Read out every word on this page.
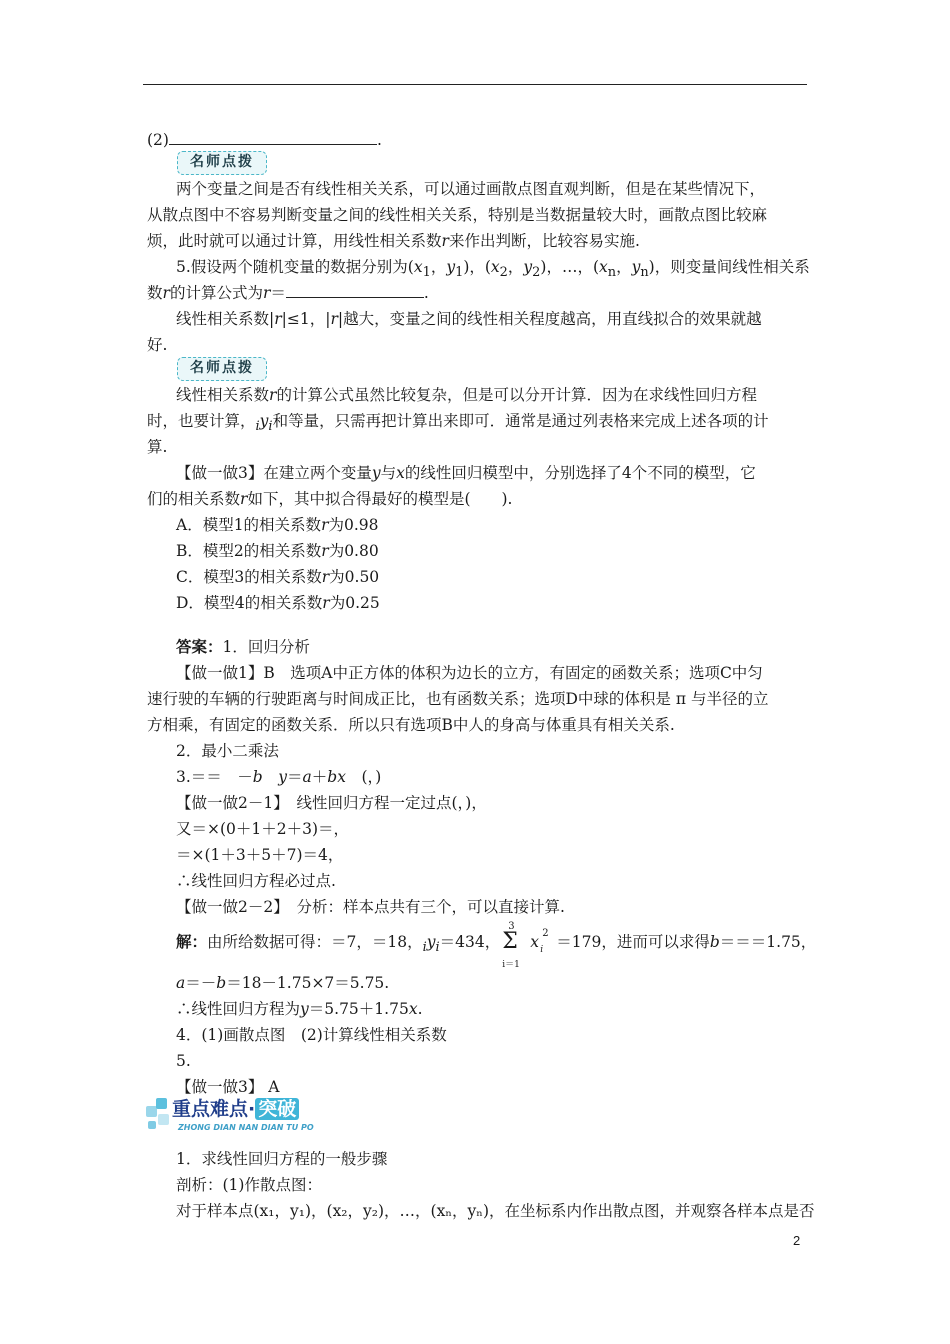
(2)	.
名师点拨
两个变量之间是否有线性相关关系，可以通过画散点图直观判断，但是在某些情况下，
从散点图中不容易判断变量之间的线性相关关系，特别是当数据量较大时，画散点图比较麻
烦，此时就可以通过计算，用线性相关系数r来作出判断，比较容易实施.
5.假设两个随机变量的数据分别为($x_1$，$y_1$)，($x_2$，$y_2$)，…，($x_n$，$y_n$)，则变量间线性相关系
数r的计算公式为r＝	.
线性相关系数|r|≤1，|r|越大，变量之间的线性相关程度越高，用直线拟合的效果就越
好.
名师点拨
线性相关系数r的计算公式虽然比较复杂，但是可以分开计算．因为在求线性回归方程
时，也要计算，$_iy_i$和等量，只需再把计算出来即可．通常是通过列表格来完成上述各项的计
算.
【做一做3】在建立两个变量y与x的线性回归模型中，分别选择了4个不同的模型，它
们的相关系数r如下，其中拟合得最好的模型是(　　).
A．模型1的相关系数r为0.98
B．模型2的相关系数r为0.80
C．模型3的相关系数r为0.50
D．模型4的相关系数r为0.25
答案：1．回归分析
【做一做1】B　选项A中正方体的体积为边长的立方，有固定的函数关系；选项C中匀
速行驶的车辆的行驶距离与时间成正比，也有函数关系；选项D中球的体积是 π 与半径的立
方相乘，有固定的函数关系．所以只有选项B中人的身高与体重具有相关关系.
2．最小二乘法
3.＝＝　－b　 y＝a＋bx　(，)
【做一做2－1】　线性回归方程一定过点(，)，
又＝×(0＋1＋2＋3)＝，
＝×(1＋3＋5＋7)＝4，
∴线性回归方程必过点.
【做一做2－2】　分析：样本点共有三个，可以直接计算.
解：由所给数据可得：＝7，＝18，$_iy_i=434$，
3
Σ
i＝1
x 2
i ＝179，进而可以求得b＝＝＝1.75，
a＝－b＝18－1.75×7＝5.75.
∴线性回归方程为y＝5.75＋1.75x.
4．(1)画散点图　(2)计算线性相关系数
5.
【做一做3】 A
重点难点· 突破
ZHONG DIAN NAN DIAN TU PO
1．求线性回归方程的一般步骤
剖析：(1)作散点图：
对于样本点(x₁，y₁)，(x₂，y₂)，…，(xₙ，yₙ)，在坐标系内作出散点图，并观察各样本点是否
2
